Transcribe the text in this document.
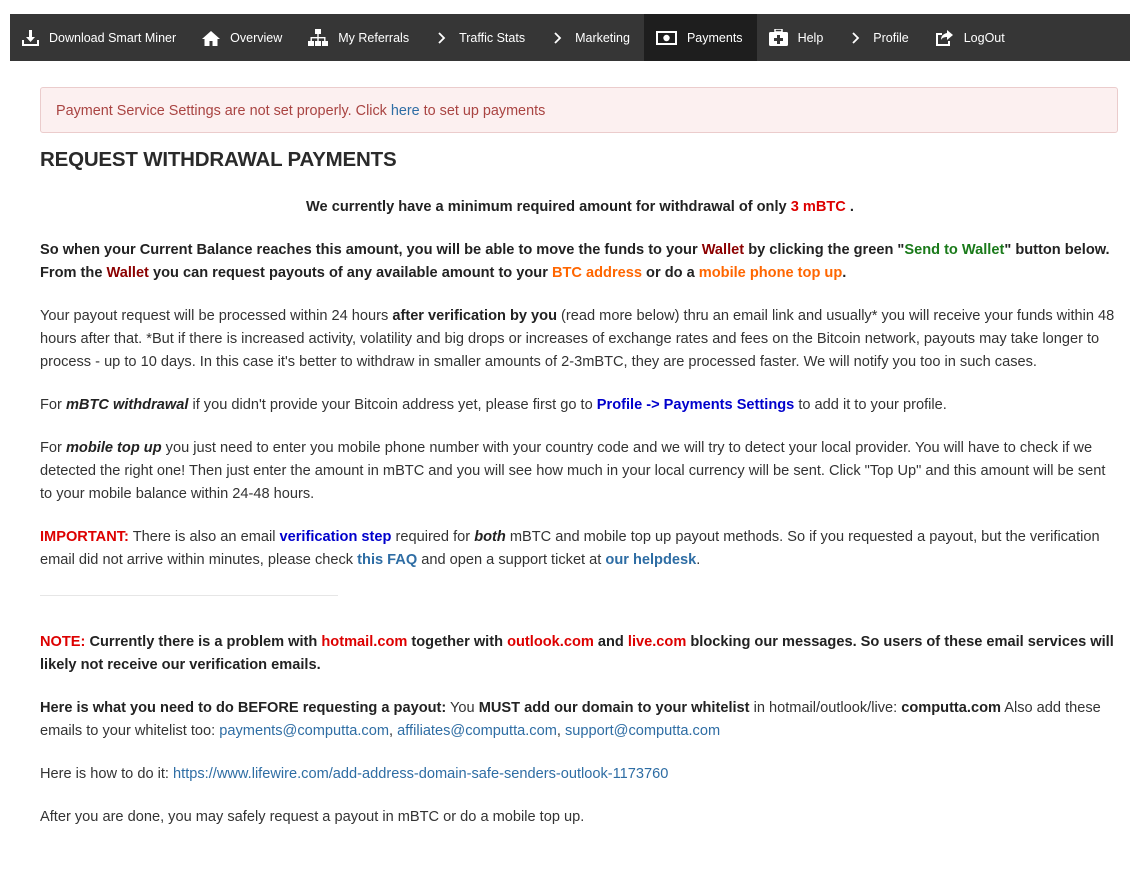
Download Smart Miner	Overview	My Referrals	Traffic Stats	Marketing	Payments	Help	Profile	LogOut
Payment Service Settings are not set properly. Click here to set up payments
REQUEST WITHDRAWAL PAYMENTS

We currently have a minimum required amount for withdrawal of only 3 mBTC .

So when your Current Balance reaches this amount, you will be able to move the funds to your Wallet by clicking the green "Send to Wallet" button below. From the Wallet you can request payouts of any available amount to your BTC address or do a mobile phone top up.

Your payout request will be processed within 24 hours after verification by you (read more below) thru an email link and usually* you will receive your funds within 48 hours after that. *But if there is increased activity, volatility and big drops or increases of exchange rates and fees on the Bitcoin network, payouts may take longer to process - up to 10 days. In this case it's better to withdraw in smaller amounts of 2-3mBTC, they are processed faster. We will notify you too in such cases.

For mBTC withdrawal if you didn't provide your Bitcoin address yet, please first go to Profile -> Payments Settings to add it to your profile.

For mobile top up you just need to enter you mobile phone number with your country code and we will try to detect your local provider. You will have to check if we detected the right one! Then just enter the amount in mBTC and you will see how much in your local currency will be sent. Click "Top Up" and this amount will be sent to your mobile balance within 24-48 hours.

IMPORTANT: There is also an email verification step required for both mBTC and mobile top up payout methods. So if you requested a payout, but the verification email did not arrive within minutes, please check this FAQ and open a support ticket at our helpdesk.

NOTE: Currently there is a problem with hotmail.com together with outlook.com and live.com blocking our messages. So users of these email services will likely not receive our verification emails.

Here is what you need to do BEFORE requesting a payout: You MUST add our domain to your whitelist in hotmail/outlook/live: computta.com Also add these emails to your whitelist too: payments@computta.com, affiliates@computta.com, support@computta.com

Here is how to do it: https://www.lifewire.com/add-address-domain-safe-senders-outlook-1173760

After you are done, you may safely request a payout in mBTC or do a mobile top up.
